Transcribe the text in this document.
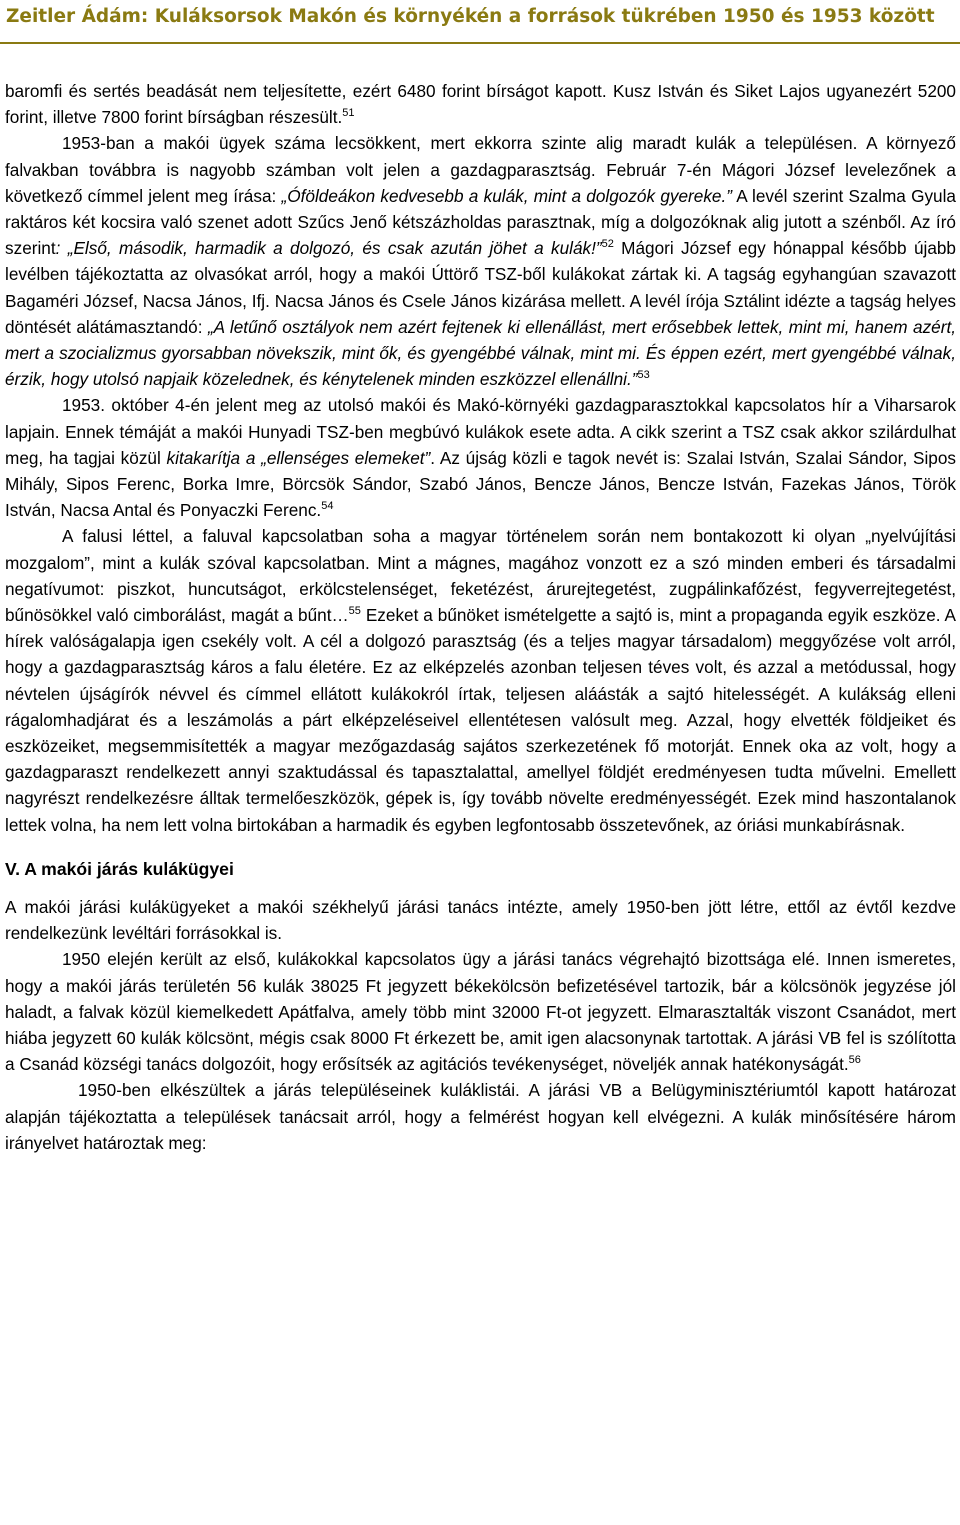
Zeitler Ádám: Kuláksorsok Makón és környékén a források tükrében 1950 és 1953 között

baromfi és sertés beadását nem teljesítette, ezért 6480 forint bírságot kapott. Kusz István és Siket Lajos ugyanezért 5200 forint, illetve 7800 forint bírságban részesült.$^{51}$

1953-ban a makói ügyek száma lecsökkent, mert ekkorra szinte alig maradt kulák a településen. A környező falvakban továbbra is nagyobb számban volt jelen a gazdagparasztság. Február 7-én Mágori József levelezőnek a következő címmel jelent meg írása: „Óföldeákon kedvesebb a kulák, mint a dolgozók gyereke.” A levél szerint Szalma Gyula raktáros két kocsira való szenet adott Szűcs Jenő kétszázholdas parasztnak, míg a dolgozóknak alig jutott a szénből. Az író szerint: „Első, második, harmadik a dolgozó, és csak azután jöhet a kulák!”$^{52}$ Mágori József egy hónappal később újabb levélben tájékoztatta az olvasókat arról, hogy a makói Úttörő TSZ-ből kulákokat zártak ki. A tagság egyhangúan szavazott Bagaméri József, Nacsa János, Ifj. Nacsa János és Csele János kizárása mellett. A levél írója Sztálint idézte a tagság helyes döntését alátámasztandó: „A letűnő osztályok nem azért fejtenek ki ellenállást, mert erősebbek lettek, mint mi, hanem azért, mert a szocializmus gyorsabban növekszik, mint ők, és gyengébbé válnak, mint mi. És éppen ezért, mert gyengébbé válnak, érzik, hogy utolsó napjaik közelednek, és kénytelenek minden eszközzel ellenállni.”$^{53}$

1953. október 4-én jelent meg az utolsó makói és Makó-környéki gazdagparasztokkal kapcsolatos hír a Viharsarok lapjain. Ennek témáját a makói Hunyadi TSZ-ben megbúvó kulákok esete adta. A cikk szerint a TSZ csak akkor szilárdulhat meg, ha tagjai közül kitakarítja a „ellenséges elemeket”. Az újság közli e tagok nevét is: Szalai István, Szalai Sándor, Sipos Mihály, Sipos Ferenc, Borka Imre, Börcsök Sándor, Szabó János, Bencze János, Bencze István, Fazekas János, Török István, Nacsa Antal és Ponyaczki Ferenc.$^{54}$

A falusi léttel, a faluval kapcsolatban soha a magyar történelem során nem bontakozott ki olyan „nyelvújítási mozgalom”, mint a kulák szóval kapcsolatban. Mint a mágnes, magához vonzott ez a szó minden emberi és társadalmi negatívumot: piszkot, huncutságot, erkölcstelenséget, feketézést, árurejtegetést, zugpálinkafőzést, fegyverrejtegetést, bűnösökkel való cimborálást, magát a bűnt…$^{55}$ Ezeket a bűnöket ismételgette a sajtó is, mint a propaganda egyik eszköze. A hírek valóságalapja igen csekély volt. A cél a dolgozó parasztság (és a teljes magyar társadalom) meggyőzése volt arról, hogy a gazdagparasztság káros a falu életére. Ez az elképzelés azonban teljesen téves volt, és azzal a metódussal, hogy névtelen újságírók névvel és címmel ellátott kulákokról írtak, teljesen aláásták a sajtó hitelességét. A kulákság elleni rágalomhadjárat és a leszámolás a párt elképzeléseivel ellentétesen valósult meg. Azzal, hogy elvették földjeiket és eszközeiket, megsemmisítették a magyar mezőgazdaság sajátos szerkezetének fő motorját. Ennek oka az volt, hogy a gazdagparaszt rendelkezett annyi szaktudással és tapasztalattal, amellyel földjét eredményesen tudta művelni. Emellett nagyrészt rendelkezésre álltak termelőeszközök, gépek is, így tovább növelte eredményességét. Ezek mind haszontalanok lettek volna, ha nem lett volna birtokában a harmadik és egyben legfontosabb összetevőnek, az óriási munkabírásnak.

V. A makói járás kulákügyei

A makói járási kulákügyeket a makói székhelyű járási tanács intézte, amely 1950-ben jött létre, ettől az évtől kezdve rendelkezünk levéltári forrásokkal is.

1950 elején került az első, kulákokkal kapcsolatos ügy a járási tanács végrehajtó bizottsága elé. Innen ismeretes, hogy a makói járás területén 56 kulák 38025 Ft jegyzett békekölcsön befizetésével tartozik, bár a kölcsönök jegyzése jól haladt, a falvak közül kiemelkedett Apátfalva, amely több mint 32000 Ft-ot jegyzett. Elmarasztalták viszont Csanádot, mert hiába jegyzett 60 kulák kölcsönt, mégis csak 8000 Ft érkezett be, amit igen alacsonynak tartottak. A járási VB fel is szólította a Csanád községi tanács dolgozóit, hogy erősítsék az agitációs tevékenységet, növeljék annak hatékonyságát.$^{56}$

1950-ben elkészültek a járás településeinek kuláklistái. A járási VB a Belügyminisztériumtól kapott határozat alapján tájékoztatta a települések tanácsait arról, hogy a felmérést hogyan kell elvégezni. A kulák minősítésére három irányelvet határoztak meg:
